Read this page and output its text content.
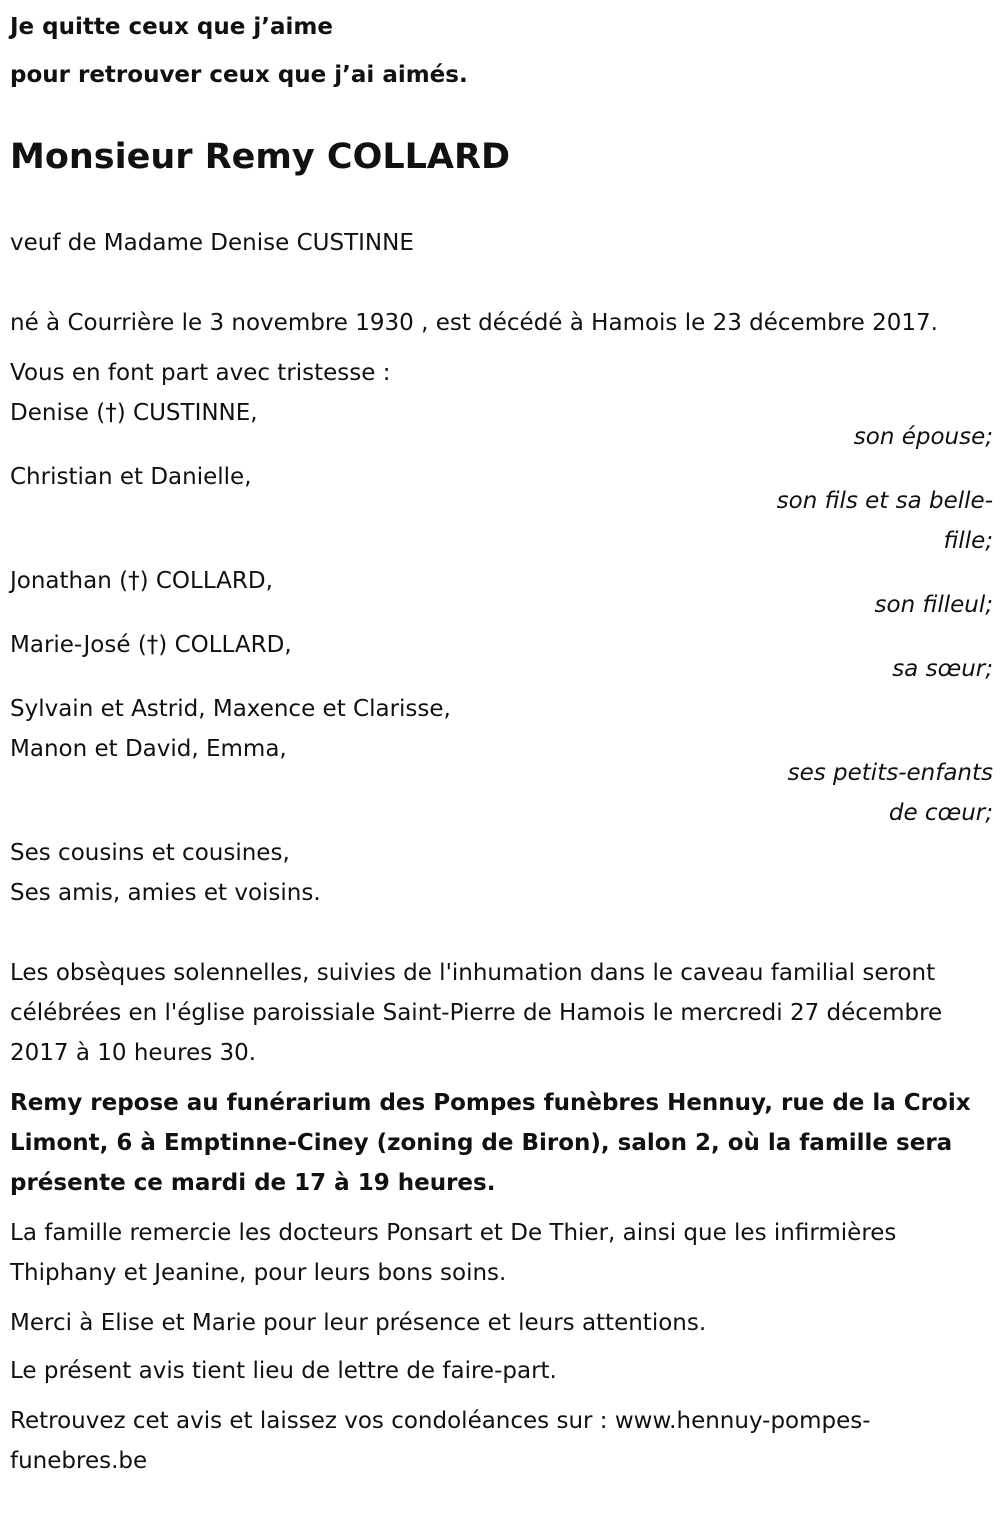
Je quitte ceux que j’aime
pour retrouver ceux que j’ai aimés.
Monsieur Remy COLLARD
veuf de Madame Denise CUSTINNE
né à Courrière le 3 novembre 1930 , est décédé à Hamois le 23 décembre 2017.
Vous en font part avec tristesse :
Denise (†) CUSTINNE,
son épouse;
Christian et Danielle,
son fils et sa belle-
fille;
Jonathan (†) COLLARD,
son filleul;
Marie-José (†) COLLARD,
sa sœur;
Sylvain et Astrid, Maxence et Clarisse,
Manon et David, Emma,
ses petits-enfants
de cœur;
Ses cousins et cousines,
Ses amis, amies et voisins.
Les obsèques solennelles, suivies de l'inhumation dans le caveau familial seront célébrées en l'église paroissiale Saint-Pierre de Hamois le mercredi 27 décembre 2017 à 10 heures 30.
Remy repose au funérarium des Pompes funèbres Hennuy, rue de la Croix Limont, 6 à Emptinne-Ciney (zoning de Biron), salon 2, où la famille sera présente ce mardi de 17 à 19 heures.
La famille remercie les docteurs Ponsart et De Thier, ainsi que les infirmières Thiphany et Jeanine, pour leurs bons soins.
Merci à Elise et Marie pour leur présence et leurs attentions.
Le présent avis tient lieu de lettre de faire-part.
Retrouvez cet avis et laissez vos condoléances sur : www.hennuy-pompes-funebres.be
